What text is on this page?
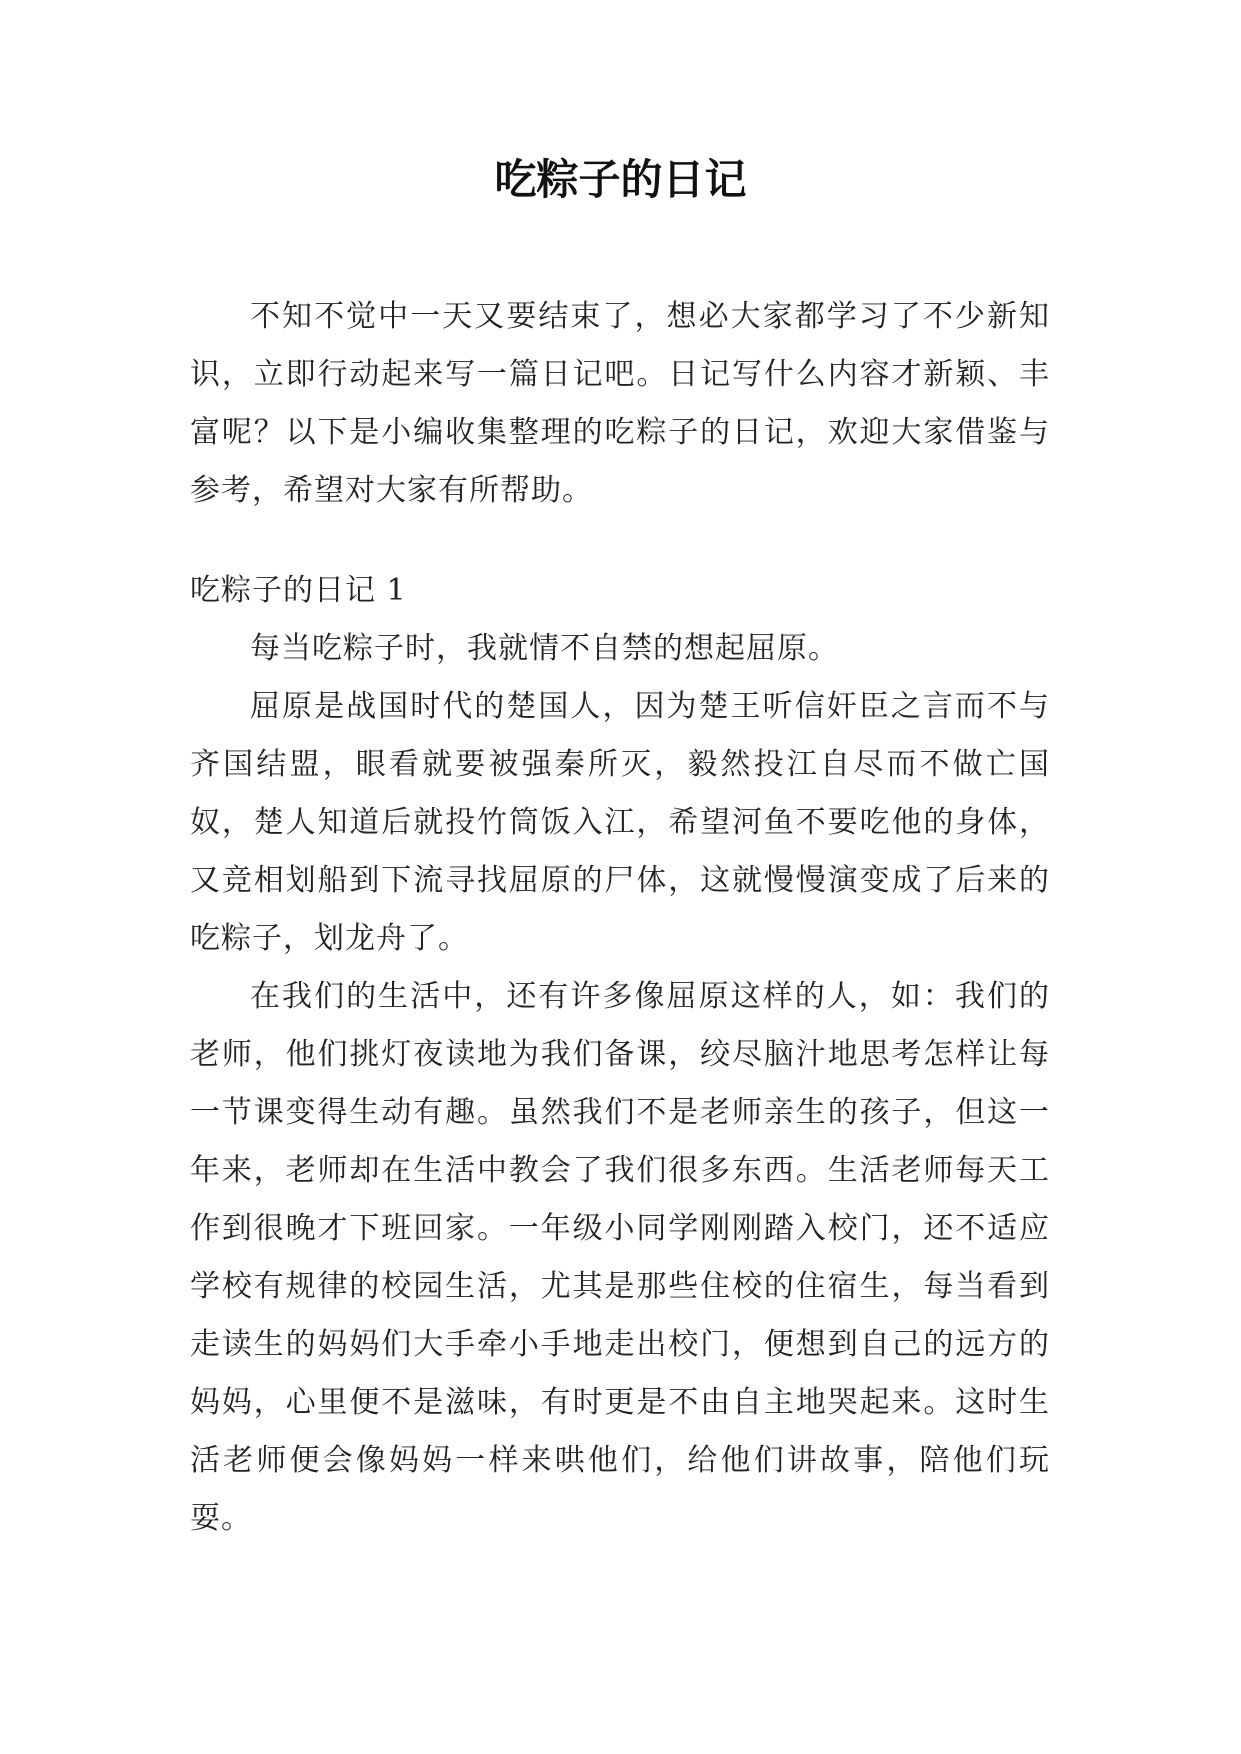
吃粽子的日记

不知不觉中一天又要结束了，想必大家都学习了不少新知识，立即行动起来写一篇日记吧。日记写什么内容才新颖、丰富呢？以下是小编收集整理的吃粽子的日记，欢迎大家借鉴与参考，希望对大家有所帮助。

吃粽子的日记 1

每当吃粽子时，我就情不自禁的想起屈原。

屈原是战国时代的楚国人，因为楚王听信奸臣之言而不与齐国结盟，眼看就要被强秦所灭，毅然投江自尽而不做亡国奴，楚人知道后就投竹筒饭入江，希望河鱼不要吃他的身体，又竞相划船到下流寻找屈原的尸体，这就慢慢演变成了后来的吃粽子，划龙舟了。

在我们的生活中，还有许多像屈原这样的人，如：我们的老师，他们挑灯夜读地为我们备课，绞尽脑汁地思考怎样让每一节课变得生动有趣。虽然我们不是老师亲生的孩子，但这一年来，老师却在生活中教会了我们很多东西。生活老师每天工作到很晚才下班回家。一年级小同学刚刚踏入校门，还不适应学校有规律的校园生活，尤其是那些住校的住宿生，每当看到走读生的妈妈们大手牵小手地走出校门，便想到自己的远方的妈妈，心里便不是滋味，有时更是不由自主地哭起来。这时生活老师便会像妈妈一样来哄他们，给他们讲故事，陪他们玩耍。
